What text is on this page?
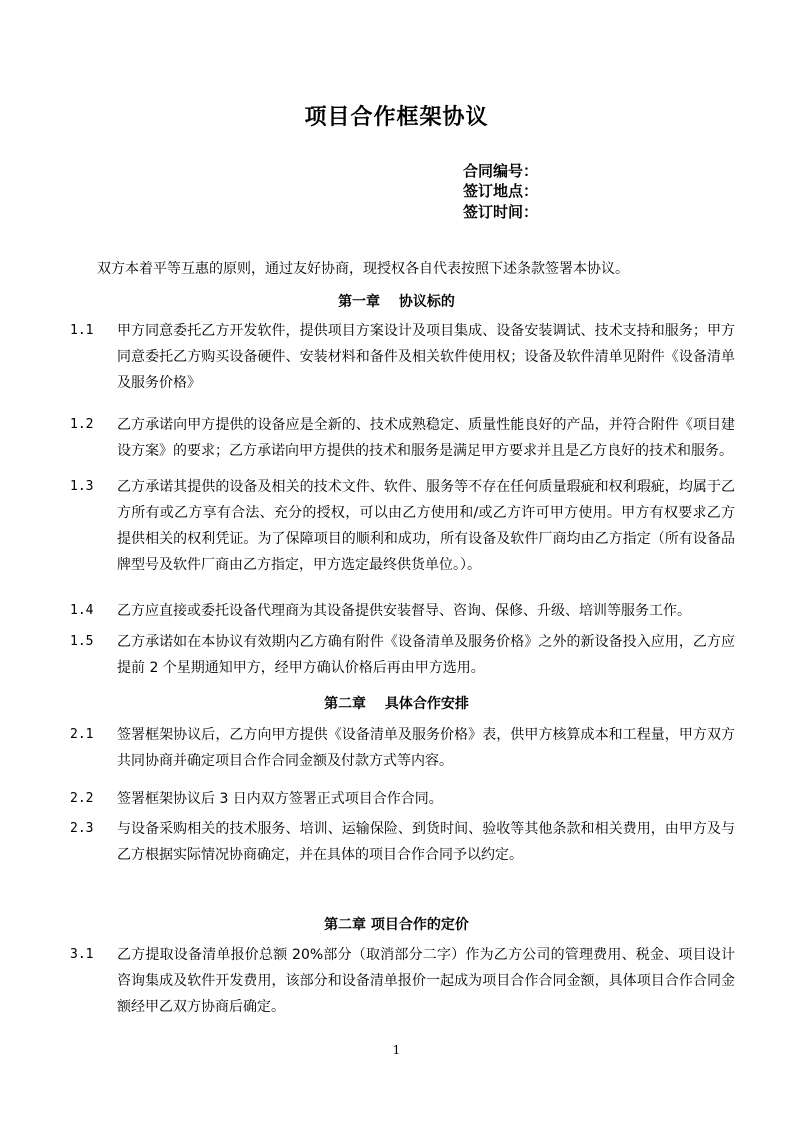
项目合作框架协议
合同编号：
签订地点：
签订时间：
双方本着平等互惠的原则，通过友好协商，现授权各自代表按照下述条款签署本协议。
第一章　 协议标的
1.1	甲方同意委托乙方开发软件，提供项目方案设计及项目集成、设备安装调试、技术支持和服务；甲方同意委托乙方购买设备硬件、安装材料和备件及相关软件使用权；设备及软件清单见附件《设备清单及服务价格》
1.2	乙方承诺向甲方提供的设备应是全新的、技术成熟稳定、质量性能良好的产品，并符合附件《项目建设方案》的要求；乙方承诺向甲方提供的技术和服务是满足甲方要求并且是乙方良好的技术和服务。
1.3	乙方承诺其提供的设备及相关的技术文件、软件、服务等不存在任何质量瑕疵和权利瑕疵，均属于乙方所有或乙方享有合法、充分的授权，可以由乙方使用和/或乙方许可甲方使用。甲方有权要求乙方提供相关的权利凭证。为了保障项目的顺利和成功，所有设备及软件厂商均由乙方指定（所有设备品牌型号及软件厂商由乙方指定，甲方选定最终供货单位。）。
1.4	乙方应直接或委托设备代理商为其设备提供安装督导、咨询、保修、升级、培训等服务工作。
1.5	乙方承诺如在本协议有效期内乙方确有附件《设备清单及服务价格》之外的新设备投入应用，乙方应提前 2 个星期通知甲方，经甲方确认价格后再由甲方选用。
第二章　 具体合作安排
2.1	签署框架协议后，乙方向甲方提供《设备清单及服务价格》表，供甲方核算成本和工程量，甲方双方共同协商并确定项目合作合同金额及付款方式等内容。
2.2	签署框架协议后 3 日内双方签署正式项目合作合同。
2.3	与设备采购相关的技术服务、培训、运输保险、到货时间、验收等其他条款和相关费用，由甲方及与乙方根据实际情况协商确定，并在具体的项目合作合同予以约定。
第二章 项目合作的定价
3.1	乙方提取设备清单报价总额 20%部分（取消部分二字）作为乙方公司的管理费用、税金、项目设计咨询集成及软件开发费用，该部分和设备清单报价一起成为项目合作合同金额，具体项目合作合同金额经甲乙双方协商后确定。
1
